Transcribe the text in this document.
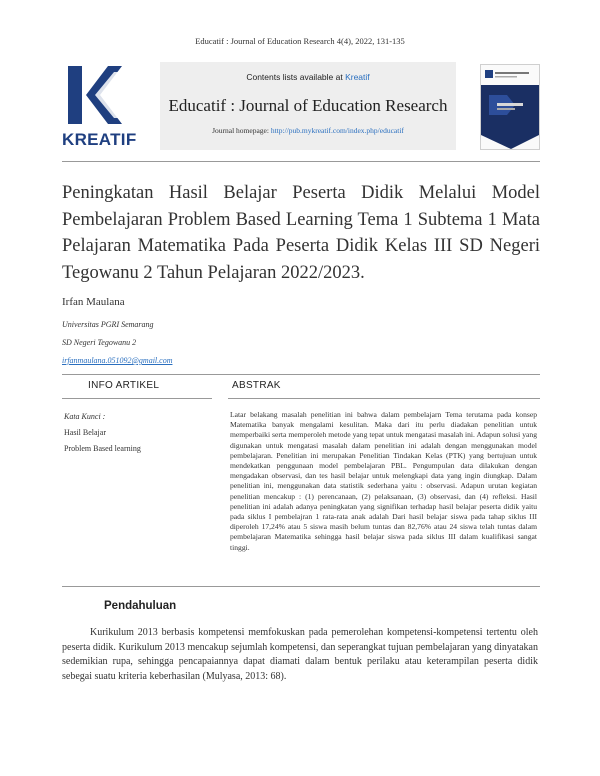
Educatif : Journal of Education Research 4(4), 2022, 131-135
KREATIF
Contents lists available at Kreatif
Educatif : Journal of Education Research
Journal homepage: http://pub.mykreatif.com/index.php/educatif
Peningkatan Hasil Belajar Peserta Didik Melalui Model Pembelajaran Problem Based Learning Tema 1 Subtema 1 Mata Pelajaran Matematika Pada Peserta Didik Kelas III SD Negeri Tegowanu 2 Tahun Pelajaran 2022/2023.
Irfan Maulana
Universitas PGRI Semarang
SD Negeri Tegowanu 2
irfanmaulana.051092@gmail.com
INFO ARTIKEL	ABSTRAK
Kata Kunci :
Hasil Belajar
Problem Based learning

Latar belakang masalah penelitian ini bahwa dalam pembelajarn Tema terutama pada konsep Matematika banyak mengalami kesulitan. Maka dari itu perlu diadakan penelitian untuk memperbaiki serta memperoleh metode yang tepat untuk mengatasi masalah ini. Adapun solusi yang digunakan untuk mengatasi masalah dalam penelitian ini adalah dengan menggunakan model pembelajaran. Penelitian ini merupakan Penelitian Tindakan Kelas (PTK) yang bertujuan untuk mendekatkan penggunaan model pembelajaran PBL. Pengumpulan data dilakukan dengan mengadakan observasi, dan tes hasil belajar untuk melengkapi data yang ingin diungkap. Dalam penelitian ini, menggunakan data statistik sederhana yaitu : observasi. Adapun urutan kegiatan penelitian mencakup : (1) perencanaan, (2) pelaksanaan, (3) observasi, dan (4) refleksi. Hasil penelitian ini adalah adanya peningkatan yang signifikan terhadap hasil belajar peserta didik yaitu pada siklus I pembelajran 1 rata-rata anak adalah Dari hasil belajar siswa pada tahap siklus III diperoleh 17,24% atau 5 siswa masih belum tuntas dan 82,76% atau 24 siswa telah tuntas dalam pembelajaran Matematika sehingga hasil belajar siswa pada siklus III dalam kualifikasi sangat tinggi.

Pendahuluan

Kurikulum 2013 berbasis kompetensi memfokuskan pada pemerolehan kompetensi-kompetensi tertentu oleh peserta didik. Kurikulum 2013 mencakup sejumlah kompetensi, dan seperangkat tujuan pembelajaran yang dinyatakan sedemikian rupa, sehingga pencapaiannya dapat diamati dalam bentuk perilaku atau keterampilan peserta didik sebegai suatu kriteria keberhasilan (Mulyasa, 2013: 68).
